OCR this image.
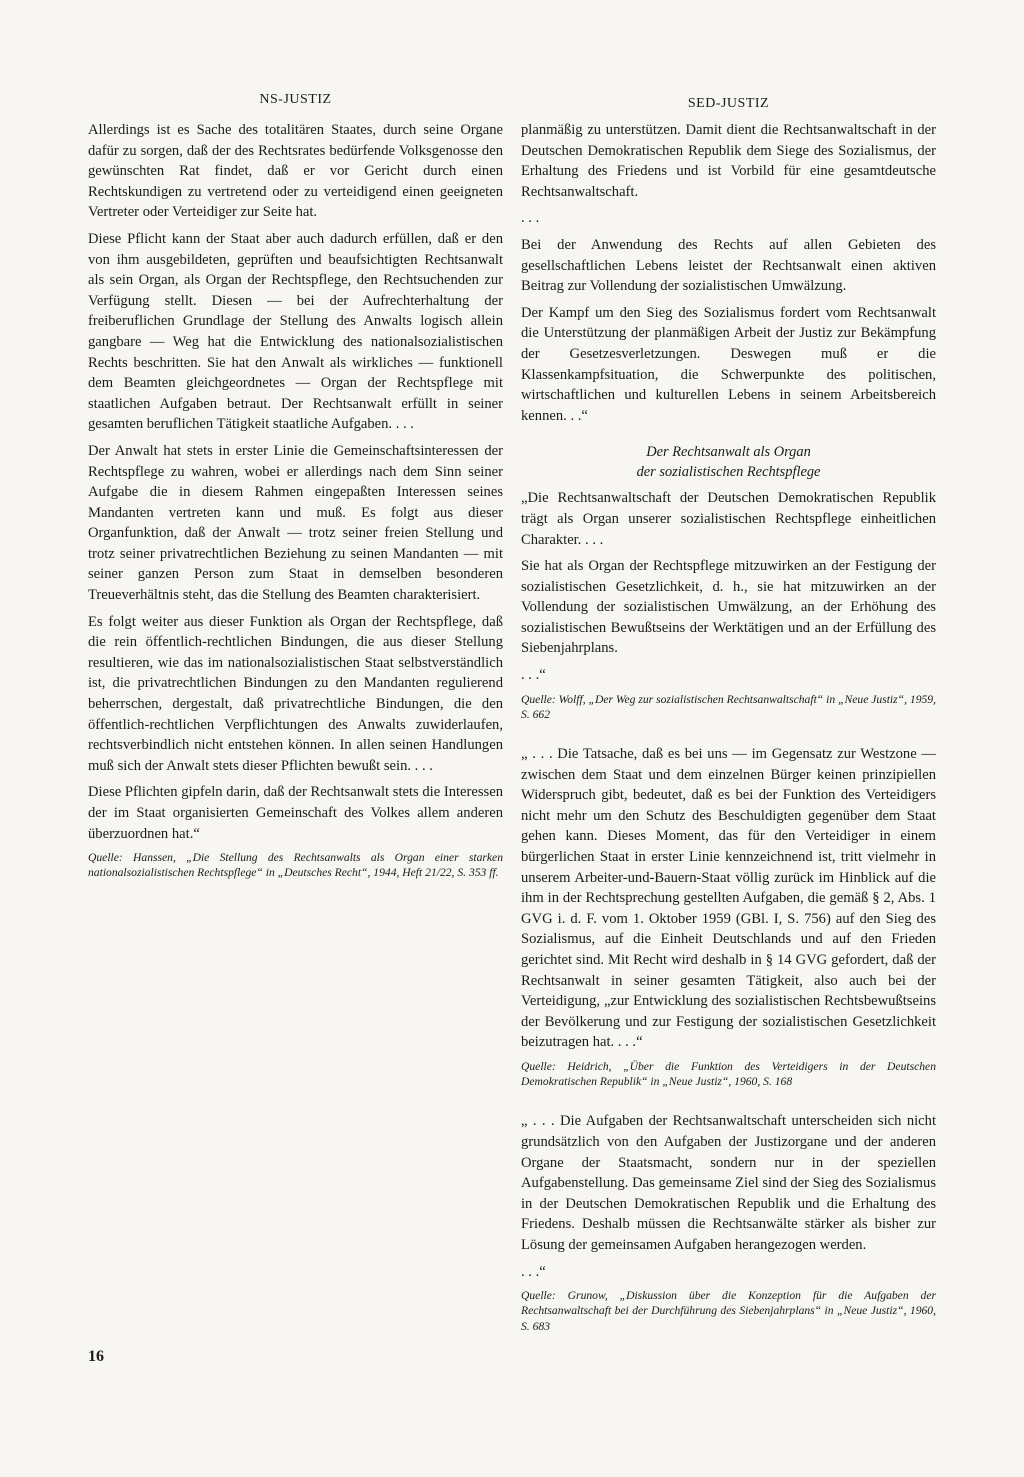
NS-JUSTIZ

Allerdings ist es Sache des totalitären Staates, durch seine Organe dafür zu sorgen, daß der des Rechtsrates bedürfende Volksgenosse den gewünschten Rat findet, daß er vor Gericht durch einen Rechtskundigen zu vertretend oder zu verteidigend einen geeigneten Vertreter oder Verteidiger zur Seite hat.

Diese Pflicht kann der Staat aber auch dadurch erfüllen, daß er den von ihm ausgebildeten, geprüften und beaufsichtigten Rechtsanwalt als sein Organ, als Organ der Rechtspflege, den Rechtsuchenden zur Verfügung stellt. Diesen — bei der Aufrechterhaltung der freiberuflichen Grundlage der Stellung des Anwalts logisch allein gangbare — Weg hat die Entwicklung des nationalsozialistischen Rechts beschritten. Sie hat den Anwalt als wirkliches — funktionell dem Beamten gleichgeordnetes — Organ der Rechtspflege mit staatlichen Aufgaben betraut. Der Rechtsanwalt erfüllt in seiner gesamten beruflichen Tätigkeit staatliche Aufgaben. . . .

Der Anwalt hat stets in erster Linie die Gemeinschaftsinteressen der Rechtspflege zu wahren, wobei er allerdings nach dem Sinn seiner Aufgabe die in diesem Rahmen eingepaßten Interessen seines Mandanten vertreten kann und muß. Es folgt aus dieser Organfunktion, daß der Anwalt — trotz seiner freien Stellung und trotz seiner privatrechtlichen Beziehung zu seinen Mandanten — mit seiner ganzen Person zum Staat in demselben besonderen Treueverhältnis steht, das die Stellung des Beamten charakterisiert.

Es folgt weiter aus dieser Funktion als Organ der Rechtspflege, daß die rein öffentlich-rechtlichen Bindungen, die aus dieser Stellung resultieren, wie das im nationalsozialistischen Staat selbstverständlich ist, die privatrechtlichen Bindungen zu den Mandanten regulierend beherrschen, dergestalt, daß privatrechtliche Bindungen, die den öffentlich-rechtlichen Verpflichtungen des Anwalts zuwiderlaufen, rechtsverbindlich nicht entstehen können. In allen seinen Handlungen muß sich der Anwalt stets dieser Pflichten bewußt sein. . . .

Diese Pflichten gipfeln darin, daß der Rechtsanwalt stets die Interessen der im Staat organisierten Gemeinschaft des Volkes allem anderen überzuordnen hat.“

Quelle: Hanssen, „Die Stellung des Rechtsanwalts als Organ einer starken nationalsozialistischen Rechtspflege“ in „Deutsches Recht“, 1944, Heft 21/22, S. 353 ff.

SED-JUSTIZ

planmäßig zu unterstützen. Damit dient die Rechtsanwaltschaft in der Deutschen Demokratischen Republik dem Siege des Sozialismus, der Erhaltung des Friedens und ist Vorbild für eine gesamtdeutsche Rechtsanwaltschaft.

. . .

Bei der Anwendung des Rechts auf allen Gebieten des gesellschaftlichen Lebens leistet der Rechtsanwalt einen aktiven Beitrag zur Vollendung der sozialistischen Umwälzung.

Der Kampf um den Sieg des Sozialismus fordert vom Rechtsanwalt die Unterstützung der planmäßigen Arbeit der Justiz zur Bekämpfung der Gesetzesverletzungen. Deswegen muß er die Klassenkampfsituation, die Schwerpunkte des politischen, wirtschaftlichen und kulturellen Lebens in seinem Arbeitsbereich kennen. . .“

Der Rechtsanwalt als Organ
der sozialistischen Rechtspflege

„Die Rechtsanwaltschaft der Deutschen Demokratischen Republik trägt als Organ unserer sozialistischen Rechtspflege einheitlichen Charakter. . . .

Sie hat als Organ der Rechtspflege mitzuwirken an der Festigung der sozialistischen Gesetzlichkeit, d. h., sie hat mitzuwirken an der Vollendung der sozialistischen Umwälzung, an der Erhöhung des sozialistischen Bewußtseins der Werktätigen und an der Erfüllung des Siebenjahrplans.

. . .“

Quelle: Wolff, „Der Weg zur sozialistischen Rechtsanwaltschaft“ in „Neue Justiz“, 1959, S. 662

„ . . . Die Tatsache, daß es bei uns — im Gegensatz zur Westzone — zwischen dem Staat und dem einzelnen Bürger keinen prinzipiellen Widerspruch gibt, bedeutet, daß es bei der Funktion des Verteidigers nicht mehr um den Schutz des Beschuldigten gegenüber dem Staat gehen kann. Dieses Moment, das für den Verteidiger in einem bürgerlichen Staat in erster Linie kennzeichnend ist, tritt vielmehr in unserem Arbeiter-und-Bauern-Staat völlig zurück im Hinblick auf die ihm in der Rechtsprechung gestellten Aufgaben, die gemäß § 2, Abs. 1 GVG i. d. F. vom 1. Oktober 1959 (GBl. I, S. 756) auf den Sieg des Sozialismus, auf die Einheit Deutschlands und auf den Frieden gerichtet sind. Mit Recht wird deshalb in § 14 GVG gefordert, daß der Rechtsanwalt in seiner gesamten Tätigkeit, also auch bei der Verteidigung, „zur Entwicklung des sozialistischen Rechtsbewußtseins der Bevölkerung und zur Festigung der sozialistischen Gesetzlichkeit beizutragen hat. . . .“

Quelle: Heidrich, „Über die Funktion des Verteidigers in der Deutschen Demokratischen Republik“ in „Neue Justiz“, 1960, S. 168

„ . . . Die Aufgaben der Rechtsanwaltschaft unterscheiden sich nicht grundsätzlich von den Aufgaben der Justizorgane und der anderen Organe der Staatsmacht, sondern nur in der speziellen Aufgabenstellung. Das gemeinsame Ziel sind der Sieg des Sozialismus in der Deutschen Demokratischen Republik und die Erhaltung des Friedens. Deshalb müssen die Rechtsanwälte stärker als bisher zur Lösung der gemeinsamen Aufgaben herangezogen werden.

. . .“

Quelle: Grunow, „Diskussion über die Konzeption für die Aufgaben der Rechtsanwaltschaft bei der Durchführung des Siebenjahrplans“ in „Neue Justiz“, 1960, S. 683

16
